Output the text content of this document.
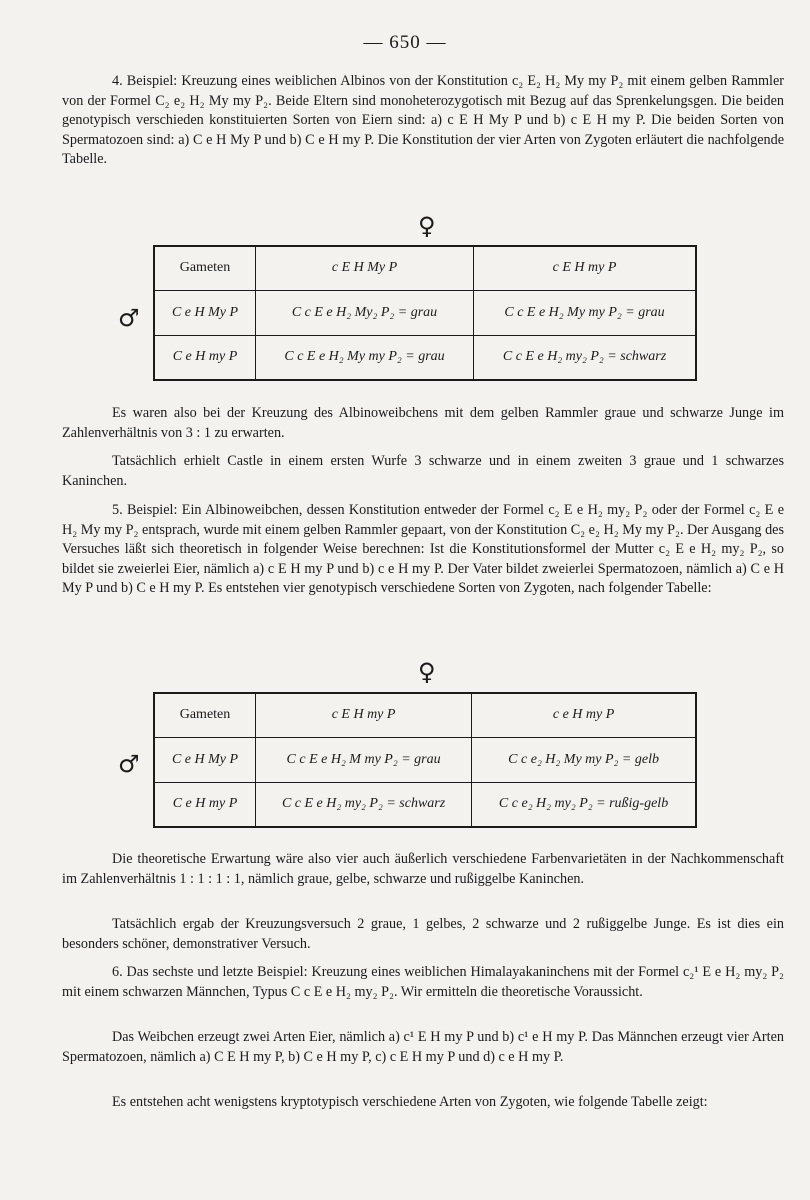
— 650 —

4. Beispiel: Kreuzung eines weiblichen Albinos von der Konstitution c₂ E₂ H₂ My my P₂ mit einem gelben Rammler von der Formel C₂ e₂ H₂ My my P₂. Beide Eltern sind monoheterozygotisch mit Bezug auf das Sprenkelungsgen. Die beiden genotypisch verschieden konstituierten Sorten von Eiern sind: a) c E H My P und b) c E H my P. Die beiden Sorten von Spermatozoen sind: a) C e H My P und b) C e H my P. Die Konstitution der vier Arten von Zygoten erläutert die nachfolgende Tabelle.

♀
♂
Gameten	c E H My P	c E H my P
C e H My P	C c E e H₂ My₂ P₂ = grau	C c E e H₂ My my P₂ = grau
C e H my P	C c E e H₂ My my P₂ = grau	C c E e H₂ my₂ P₂ = schwarz

Es waren also bei der Kreuzung des Albinoweibchens mit dem gelben Rammler graue und schwarze Junge im Zahlenverhältnis von 3 : 1 zu erwarten.

Tatsächlich erhielt Castle in einem ersten Wurfe 3 schwarze und in einem zweiten 3 graue und 1 schwarzes Kaninchen.

5. Beispiel: Ein Albinoweibchen, dessen Konstitution entweder der Formel c₂ E e H₂ my₂ P₂ oder der Formel c₂ E e H₂ My my P₂ entsprach, wurde mit einem gelben Rammler gepaart, von der Konstitution C₂ e₂ H₂ My my P₂. Der Ausgang des Versuches läßt sich theoretisch in folgender Weise berechnen: Ist die Konstitutionsformel der Mutter c₂ E e H₂ my₂ P₂, so bildet sie zweierlei Eier, nämlich a) c E H my P und b) c e H my P. Der Vater bildet zweierlei Spermatozoen, nämlich a) C e H My P und b) C e H my P. Es entstehen vier genotypisch verschiedene Sorten von Zygoten, nach folgender Tabelle:

♀
♂
Gameten	c E H my P	c e H my P
C e H My P	C c E e H₂ M my P₂ = grau	C c e₂ H₂ My my P₂ = gelb
C e H my P	C c E e H₂ my₂ P₂ = schwarz	C c e₂ H₂ my₂ P₂ = rußig-gelb

Die theoretische Erwartung wäre also vier auch äußerlich verschiedene Farbenvarietäten in der Nachkommenschaft im Zahlenverhältnis 1 : 1 : 1 : 1, nämlich graue, gelbe, schwarze und rußiggelbe Kaninchen.

Tatsächlich ergab der Kreuzungsversuch 2 graue, 1 gelbes, 2 schwarze und 2 rußiggelbe Junge. Es ist dies ein besonders schöner, demonstrativer Versuch.

6. Das sechste und letzte Beispiel: Kreuzung eines weiblichen Himalayakaninchens mit der Formel c₂¹ E e H₂ my₂ P₂ mit einem schwarzen Männchen, Typus C c E e H₂ my₂ P₂. Wir ermitteln die theoretische Voraussicht.

Das Weibchen erzeugt zwei Arten Eier, nämlich a) c¹ E H my P und b) c¹ e H my P. Das Männchen erzeugt vier Arten Spermatozoen, nämlich a) C E H my P, b) C e H my P, c) c E H my P und d) c e H my P.

Es entstehen acht wenigstens kryptotypisch verschiedene Arten von Zygoten, wie folgende Tabelle zeigt:
